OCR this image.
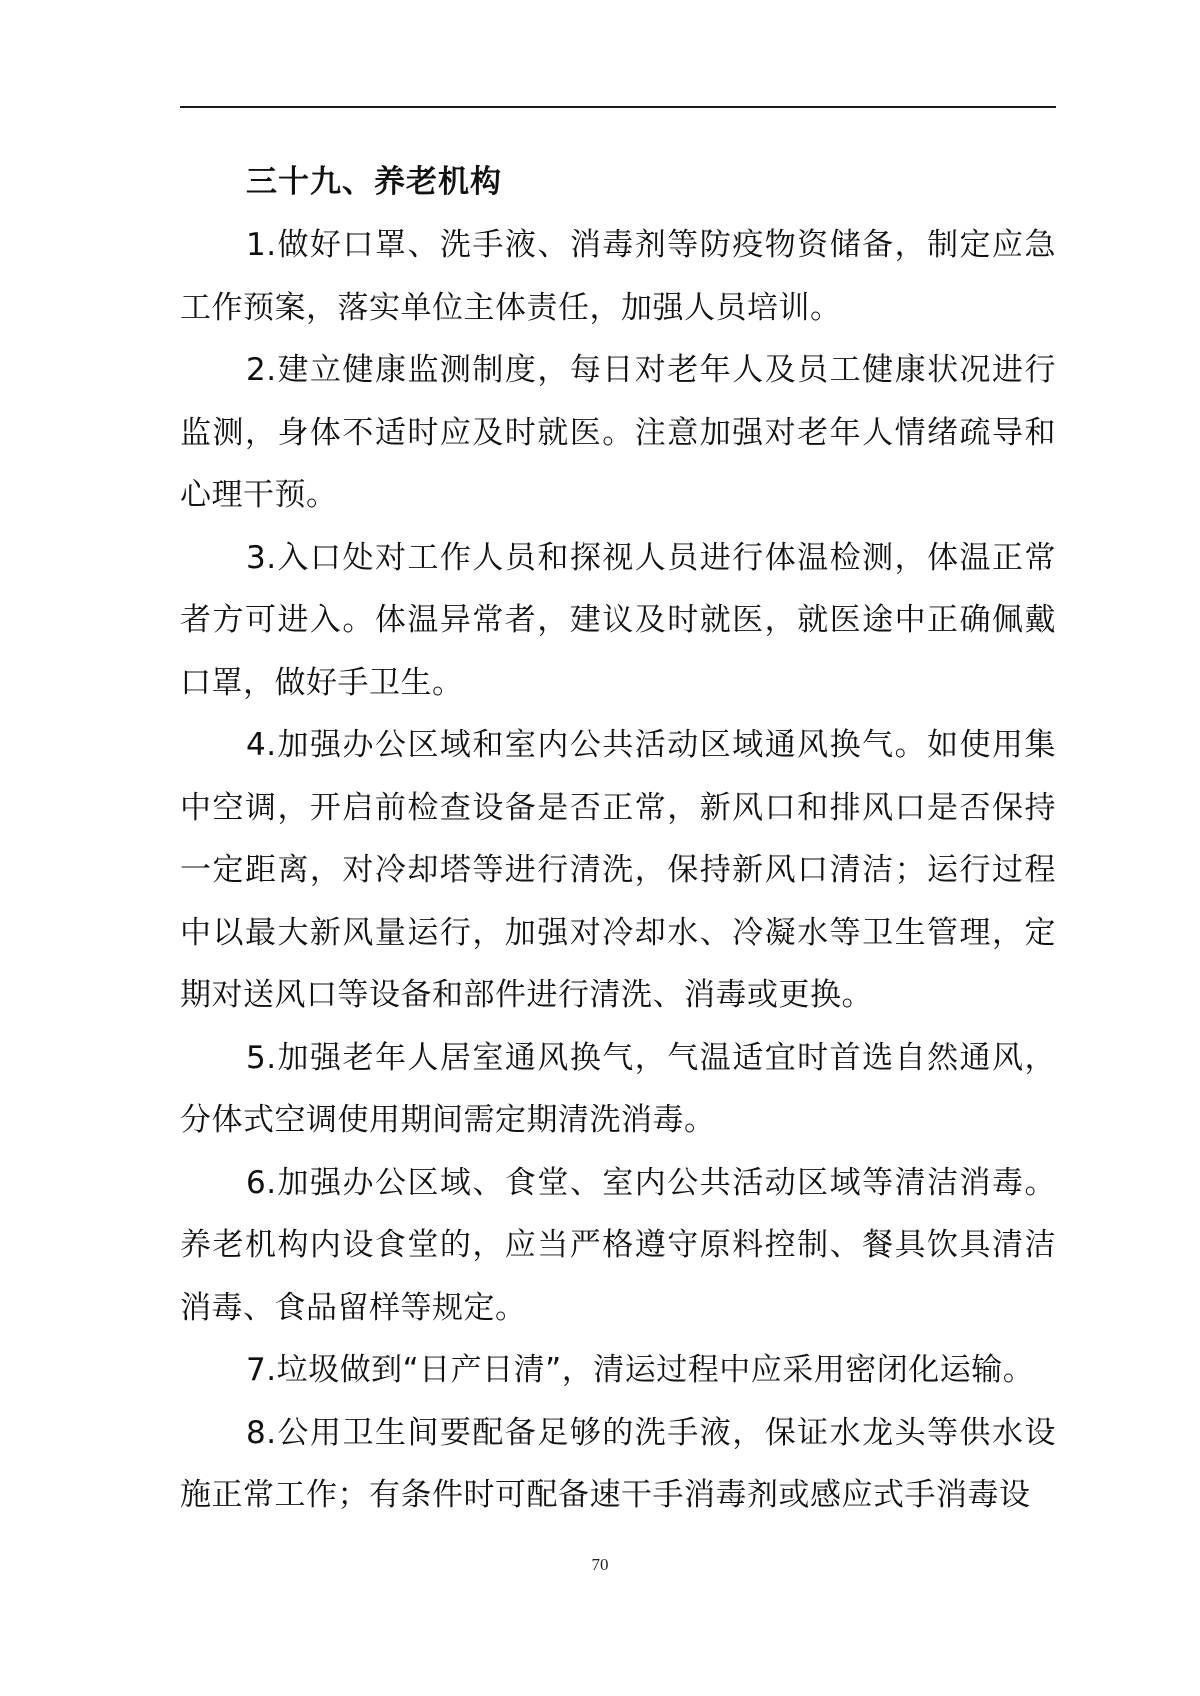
三十九、养老机构

1.做好口罩、洗手液、消毒剂等防疫物资储备，制定应急工作预案，落实单位主体责任，加强人员培训。

2.建立健康监测制度，每日对老年人及员工健康状况进行监测，身体不适时应及时就医。注意加强对老年人情绪疏导和心理干预。

3.入口处对工作人员和探视人员进行体温检测，体温正常者方可进入。体温异常者，建议及时就医，就医途中正确佩戴口罩，做好手卫生。

4.加强办公区域和室内公共活动区域通风换气。如使用集中空调，开启前检查设备是否正常，新风口和排风口是否保持一定距离，对冷却塔等进行清洗，保持新风口清洁；运行过程中以最大新风量运行，加强对冷却水、冷凝水等卫生管理，定期对送风口等设备和部件进行清洗、消毒或更换。

5.加强老年人居室通风换气，气温适宜时首选自然通风，分体式空调使用期间需定期清洗消毒。

6.加强办公区域、食堂、室内公共活动区域等清洁消毒。养老机构内设食堂的，应当严格遵守原料控制、餐具饮具清洁消毒、食品留样等规定。

7.垃圾做到“日产日清”，清运过程中应采用密闭化运输。

8.公用卫生间要配备足够的洗手液，保证水龙头等供水设施正常工作；有条件时可配备速干手消毒剂或感应式手消毒设

70
